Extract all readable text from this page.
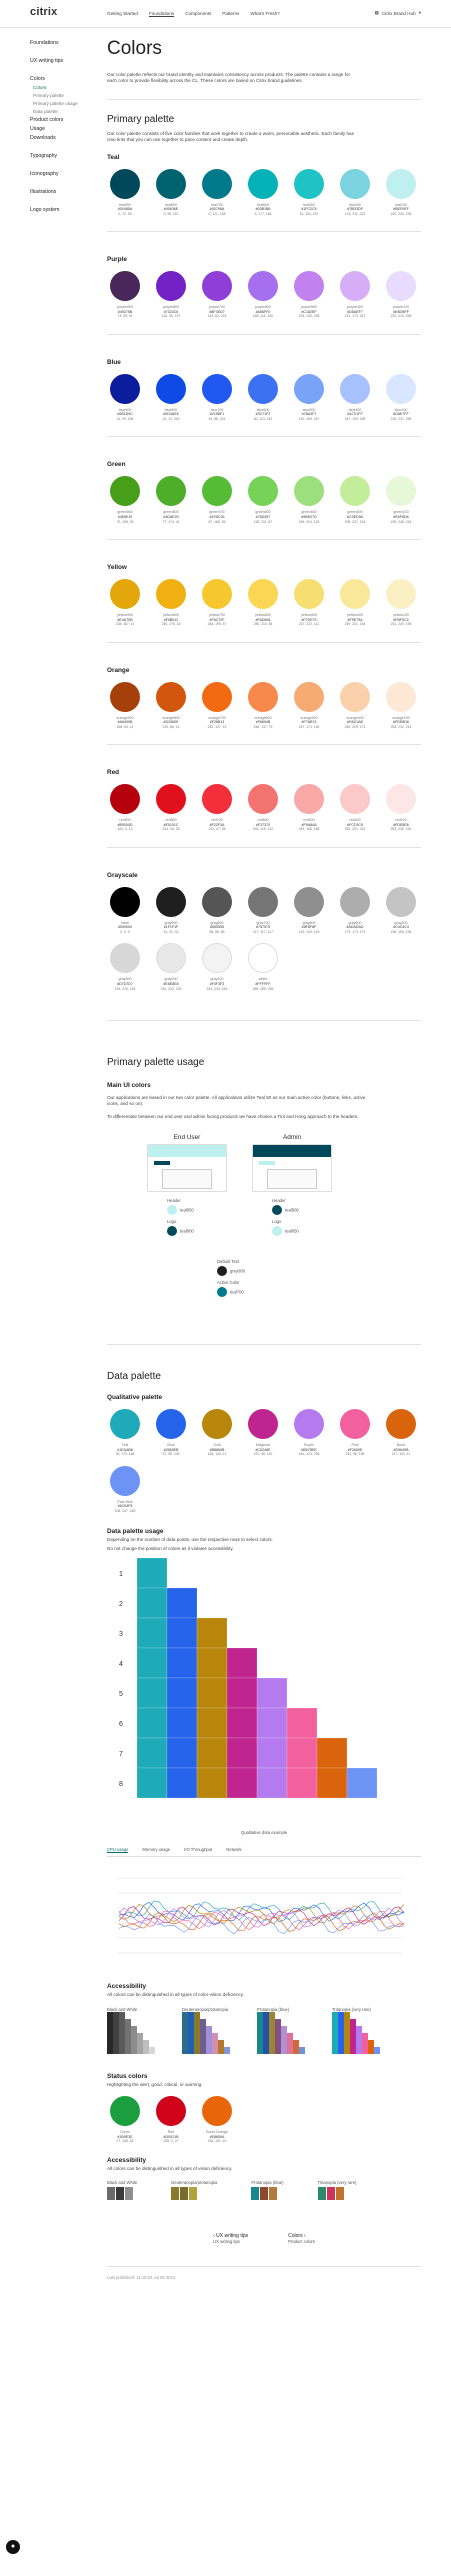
citrix	Getting Started Foundations Components Patterns What's Fresh?	▦ Citrix Brand Hub ▾
Foundations
UX writing tips
Colors
Colors
Primary palette
Primary palette usage
Data palette
Product colors
Usage
Downloads
Typography
Iconography
Illustrations
Logo system
Colors

Our color palette reflects our brand identity and maintains consistency across products. The palette contains a range for each color to provide flexibility across the CL. These colors are based on Citrix brand guidelines.

Primary palette

Our color palette consists of five color families that work together to create a warm, personable aesthetic. Each family has nine tints that you can use together to pace content and create depth.

Teal
teal900
#00485A
0, 72, 90
teal800
#00636E
0, 99, 110
teal700
#00798A
0, 121, 138
teal600
#03B1B8
3, 177, 184
teal500
#1FC2C5
31, 194, 197
teal400
#7BD3DF
123, 211, 223
teal100
#BEF0EF
190, 240, 239
Purple
purple900
#49275B
73, 39, 91
purple800
#7323C5
115, 35, 197
purple700
#8F3ED7
143, 62, 215
purple600
#A56FF0
165, 111, 240
purple500
#C182EF
193, 130, 239
purple400
#D5AEF7
213, 174, 247
purple100
#E8DBFF
232, 219, 255
Blue
blue900
#0B1D9C
11, 29, 156
blue800
#0D4AE6
13, 74, 230
blue700
#2158F1
33, 88, 241
blue600
#3C71F2
60, 113, 242
blue500
#78A3F7
120, 163, 247
blue400
#A7C1FF
167, 193, 255
blue100
#D8E7FF
216, 231, 255
Green
green900
#469E19
70, 158, 25
green800
#4DAE29
77, 174, 41
green700
#57BC35
87, 188, 53
green600
#76D357
118, 211, 87
green500
#9BE07D
155, 224, 125
green400
#C3ED9A
195, 237, 154
green100
#E6F8D8
230, 248, 216
Yellow
yellow900
#E4A70B
228, 167, 11
yellow800
#F0B012
240, 176, 18
yellow700
#F6C72F
246, 199, 47
yellow600
#FAD654
250, 214, 84
yellow500
#F7DE70
247, 222, 112
yellow400
#F9E79A
249, 231, 154
yellow100
#FBF0C4
251, 240, 196
Orange
orange900
#A6400B
166, 64, 11
orange800
#D2560E
210, 86, 14
orange700
#F26B13
242, 107, 19
orange600
#F6894B
246, 137, 75
orange500
#F7AB74
247, 171, 116
orange400
#FAD1AB
250, 209, 171
orange100
#FDE8D6
253, 232, 214
Red
red900
#B5000D
181, 0, 13
red800
#E0101C
224, 16, 28
red700
#F22F3A
242, 47, 58
red600
#F37370
243, 115, 112
red500
#F9A8A8
249, 168, 168
red400
#FCC9C9
252, 201, 201
red100
#FDE6E6
253, 230, 230
Grayscale
black
#000000
0, 0, 0
gray900
#1F1F1F
31, 31, 31
gray800
#555555
85, 85, 85
gray700
#757575
117, 117, 117
gray600
#8F8F8F
143, 143, 143
gray500
#ADADAD
173, 173, 173
gray400
#C4C4C4
196, 196, 196
gray300
#D7D7D7
215, 215, 215
gray200
#E8E8E8
232, 232, 232
gray100
#F3F3F3
243, 243, 243
white
#FFFFFF
255, 255, 255
Primary palette usage
Main UI colors

Our applications are based in our two color palette. All applications utilize Teal 50 as our main active color (buttons, links, active icons, and so on).

To differentiate between our end user and admin facing products we have chosen a Tint and Hong approach to the headers.

End User	Admin
Header
teal050
Logo
teal900
Header
teal900
Logo
teal050
Default Text
grey900
Active Color
teal700
Data palette
Qualitative palette
Teal
#1EAAB8
30, 170, 184
Blue
#2563EB
37, 99, 235
Gold
#B8860B
184, 134, 11
Magenta
#C0248E
192, 36, 142
Purple
#B57BEE
181, 123, 238
Pink
#F2609E
242, 96, 158
Burnt
#D9640B
217, 100, 11
Pale Blue
#6C93F5
108, 147, 245
Data palette usage

Depending on the number of data points, use the respective rows to select colors.

Do not change the position of colors as it violates accessibility.

1
2
3
4
5
6
7
8
Qualitative data example
CPU usage	Memory usage	I/O Throughput	Network
Accessibility

All colors can be distinguished in all types of color-vision deficiency.

Black and White	Deuteranopia/protanopia	Protanopia (blue)	Tritanopia (very rare)
Status colors

Highlighting the alert, good, critical, or warning.

Green
#1B9E3E
27, 158, 62
Red
#D0021B
208, 2, 27
Burnt Orange
#E8650A
232, 101, 10
Accessibility

All colors can be distinguished in all types of vision deficiency.

Black and White	Deuteranopia/protanopia	Protanopia (blue)	Tritanopia (very rare)
‹ UX writing tips
UX writing tips
Colors ›
Product colors
Last published: 11:15:03 Jul 06 2023
●
